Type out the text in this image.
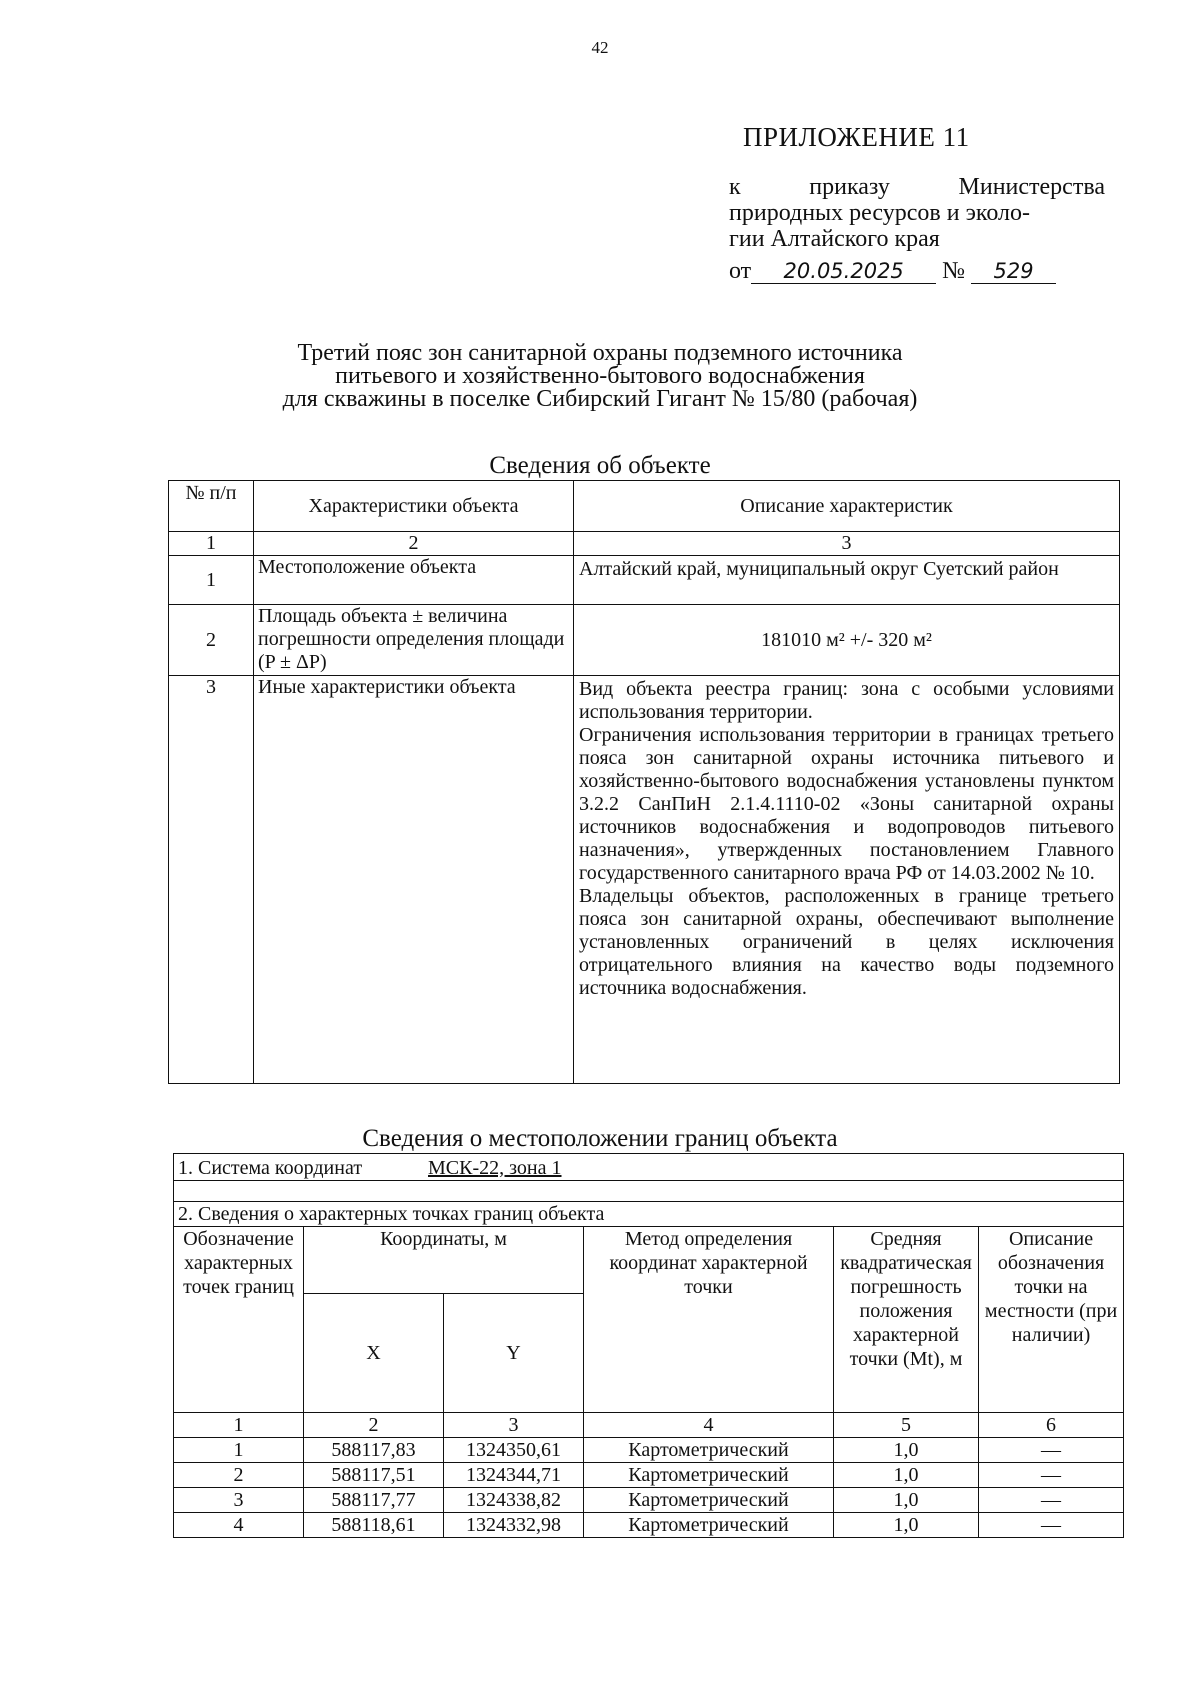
42
ПРИЛОЖЕНИЕ 11
к	приказу	Министерства
природных ресурсов и эколо-
гии Алтайского края
от 20.05.2025 № 529
Третий пояс зон санитарной охраны подземного источника
питьевого и хозяйственно-бытового водоснабжения
для скважины в поселке Сибирский Гигант № 15/80 (рабочая)
Сведения об объекте
№ п/п	Характеристики объекта	Описание характеристик
1	2	3
1	Местоположение объекта	Алтайский край, муниципальный округ Суетский район

2	Площадь объекта ± величина погрешности определения площади (P ± ΔP)	181010 м² +/- 320 м²
3	Иные характеристики объекта	Вид объекта реестра границ: зона с особыми условиями использования территории.

Ограничения использования территории в границах третьего пояса зон санитарной охраны источника питьевого и хозяйственно-бытового водоснабжения установлены пунктом 3.2.2 СанПиН 2.1.4.1110-02 «Зоны санитарной охраны источников водоснабжения и водопроводов питьевого назначения», утвержденных постановлением Главного государственного санитарного врача РФ от 14.03.2002 № 10.

Владельцы объектов, расположенных в границе третьего пояса зон санитарной охраны, обеспечивают выполнение установленных ограничений в целях исключения отрицательного влияния на качество воды подземного источника водоснабжения.

Сведения о местоположении границ объекта
1. Система координат МСК-22, зона 1					

2. Сведения о характерных точках границ объекта					
Обозначение характерных точек границ	Координаты, м		Метод определения координат характерной точки	Средняя квадратическая погрешность положения характерной точки (Mt), м	Описание обозначения точки на местности (при наличии)
	X	Y			
1	2	3	4	5	6
1	588117,83	1324350,61	Картометрический	1,0	—
2	588117,51	1324344,71	Картометрический	1,0	—
3	588117,77	1324338,82	Картометрический	1,0	—
4	588118,61	1324332,98	Картометрический	1,0	—
